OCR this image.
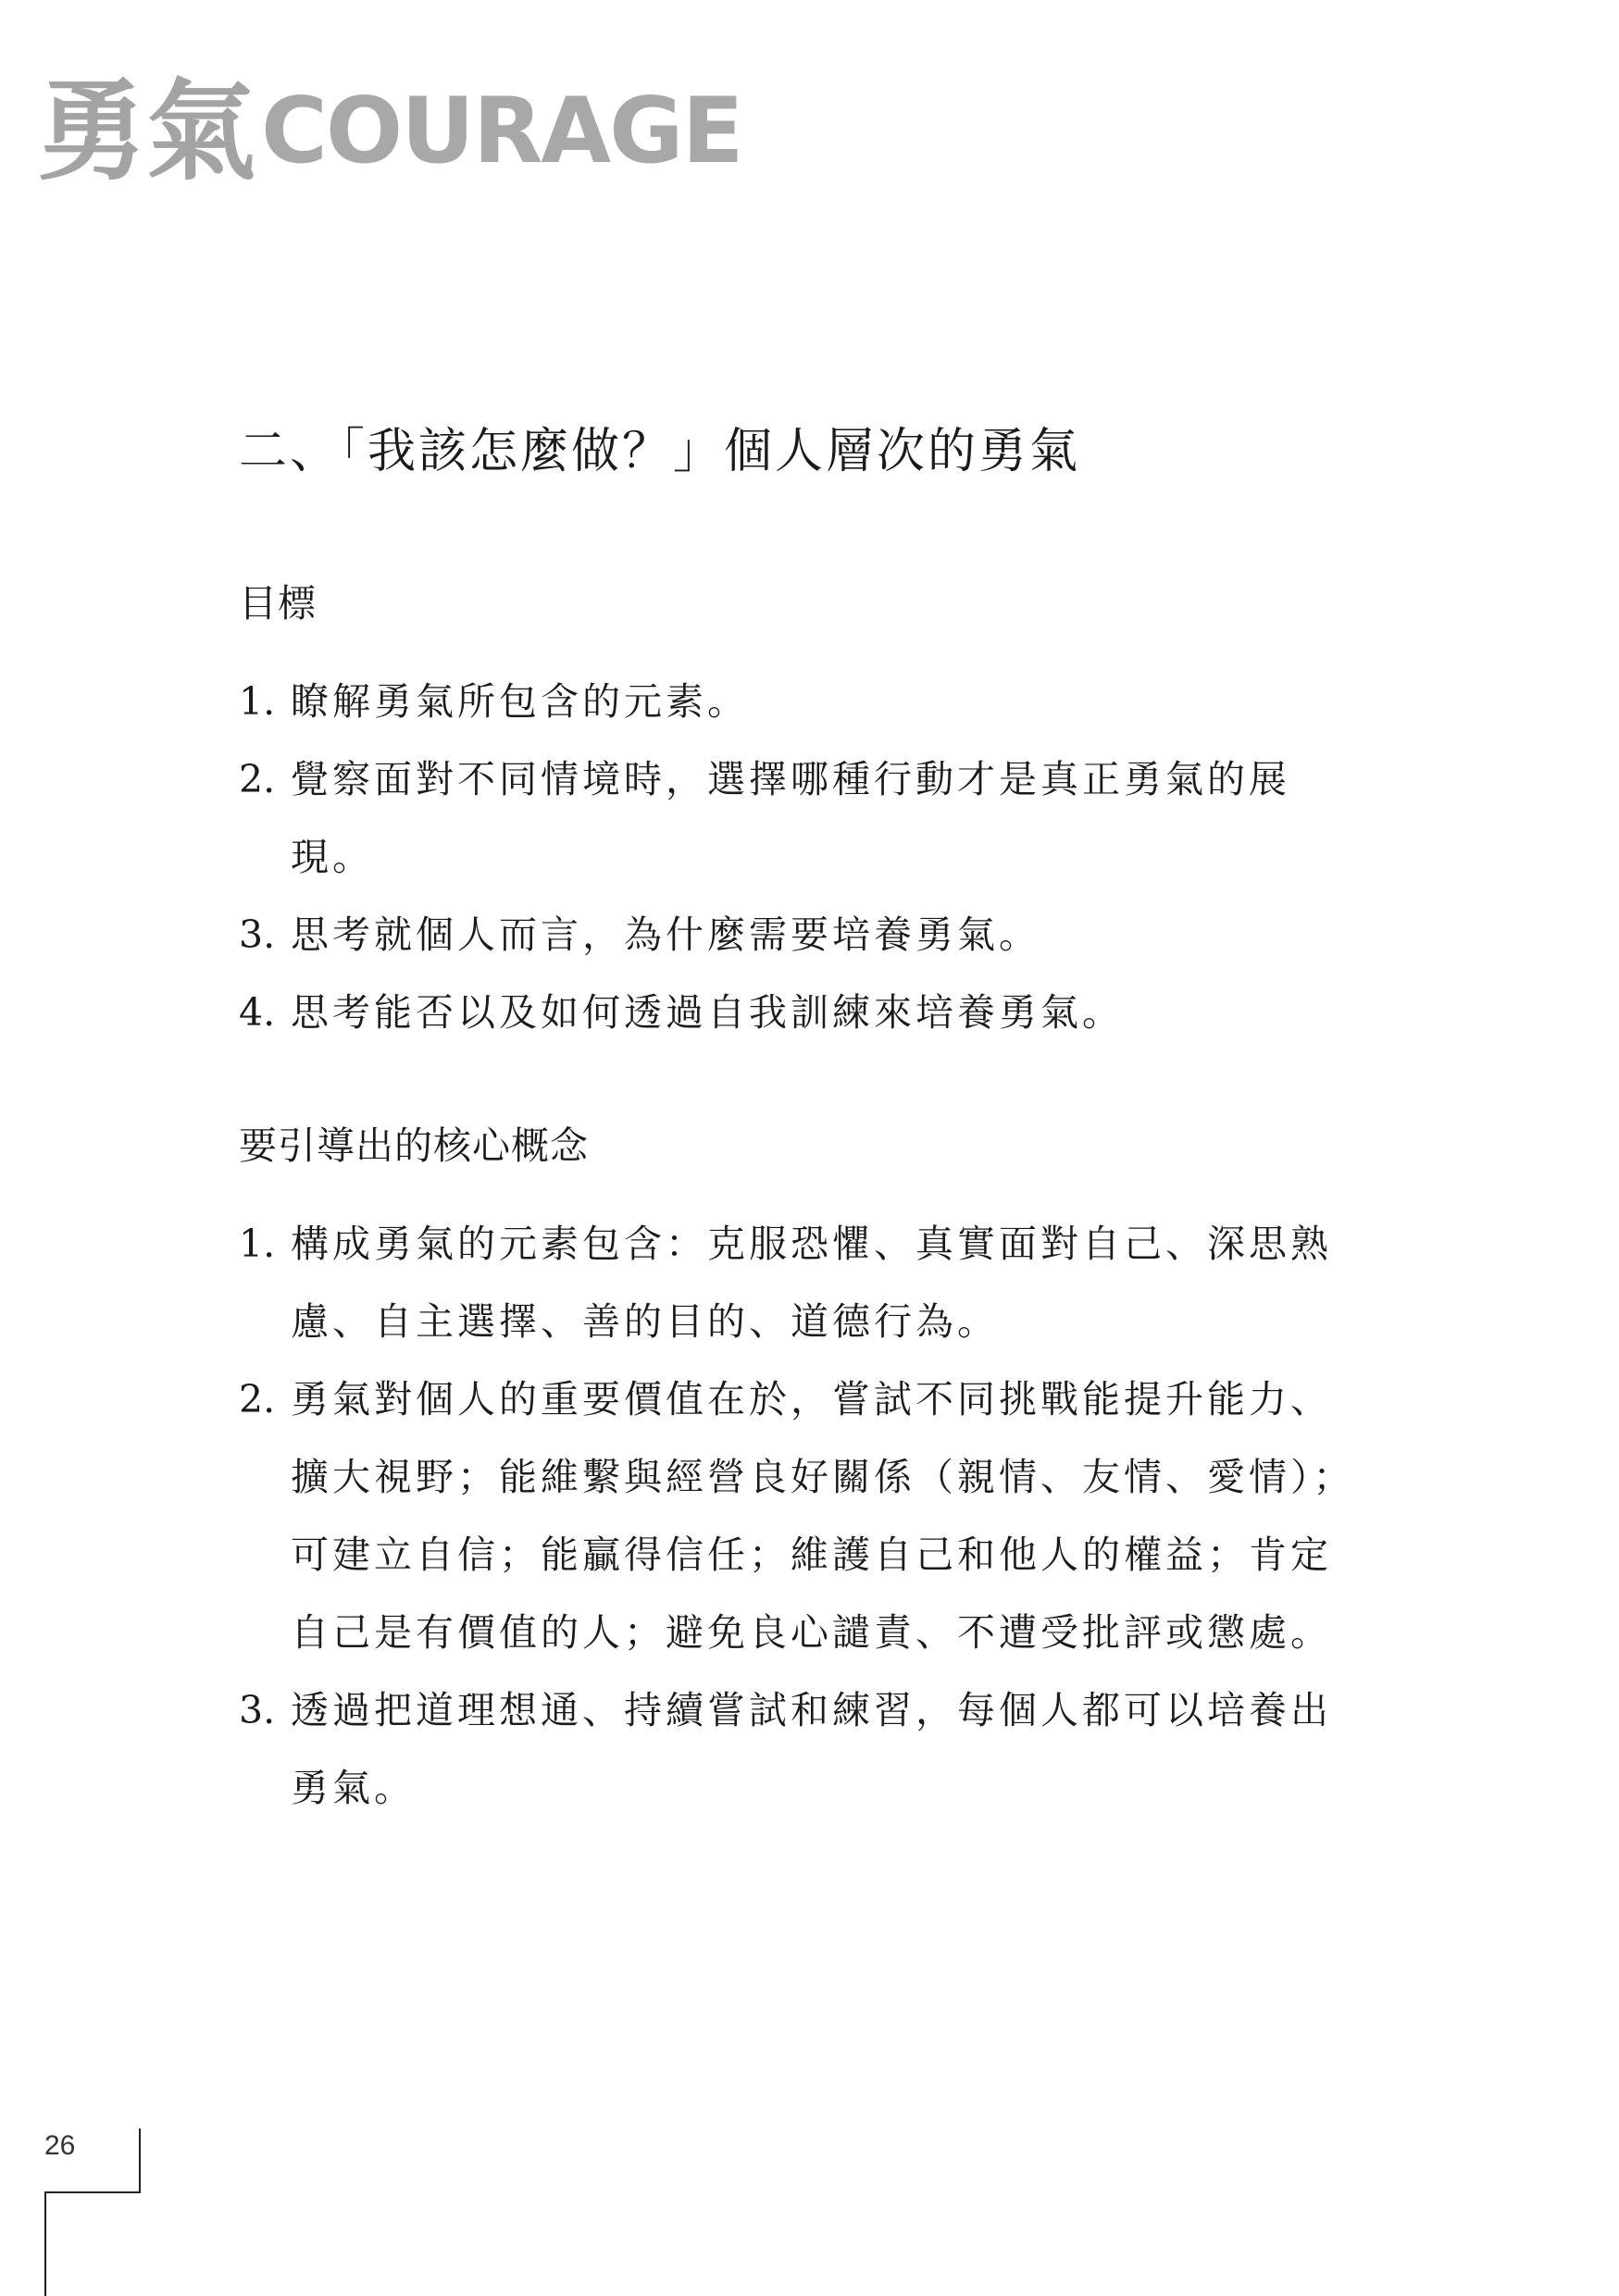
勇氣 COURAGE
二、「我該怎麼做？」個人層次的勇氣
目標
1. 瞭解勇氣所包含的元素。
2. 覺察面對不同情境時，選擇哪種行動才是真正勇氣的展現。
3. 思考就個人而言，為什麼需要培養勇氣。
4. 思考能否以及如何透過自我訓練來培養勇氣。
要引導出的核心概念
1. 構成勇氣的元素包含：克服恐懼、真實面對自己、深思熟慮、自主選擇、善的目的、道德行為。
2. 勇氣對個人的重要價值在於，嘗試不同挑戰能提升能力、擴大視野；能維繫與經營良好關係（親情、友情、愛情）；可建立自信；能贏得信任；維護自己和他人的權益；肯定自己是有價值的人；避免良心譴責、不遭受批評或懲處。
3. 透過把道理想通、持續嘗試和練習，每個人都可以培養出勇氣。
26
